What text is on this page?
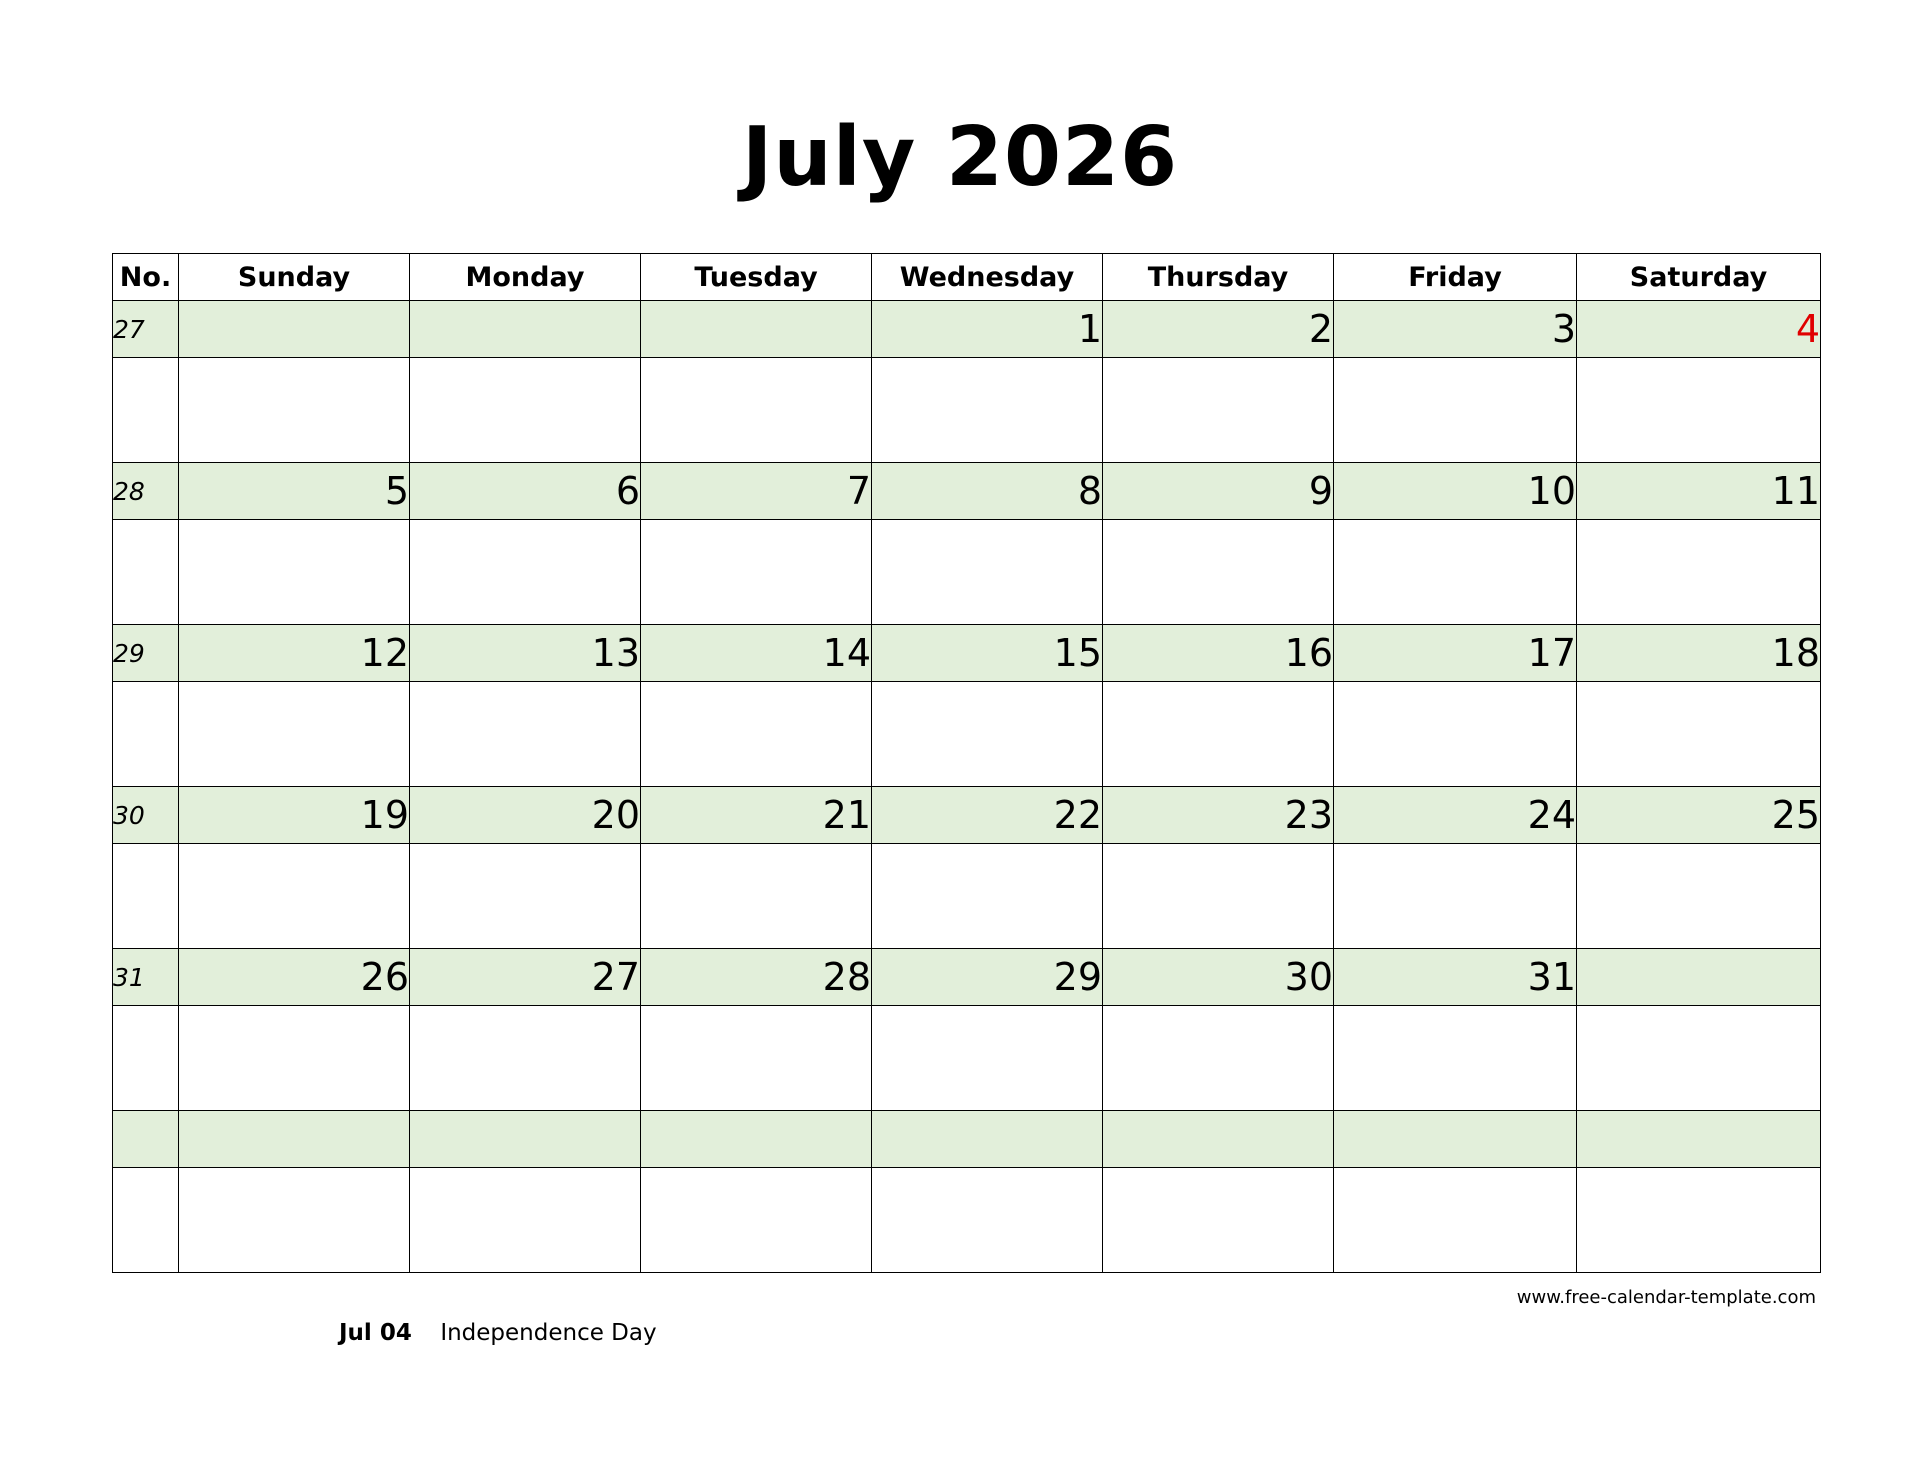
July 2026
No.	Sunday	Monday	Tuesday	Wednesday	Thursday	Friday	Saturday
27				1	2	3	4

28	5	6	7	8	9	10	11

29	12	13	14	15	16	17	18

30	19	20	21	22	23	24	25

31	26	27	28	29	30	31	

www.free-calendar-template.com
Jul 04 Independence Day
